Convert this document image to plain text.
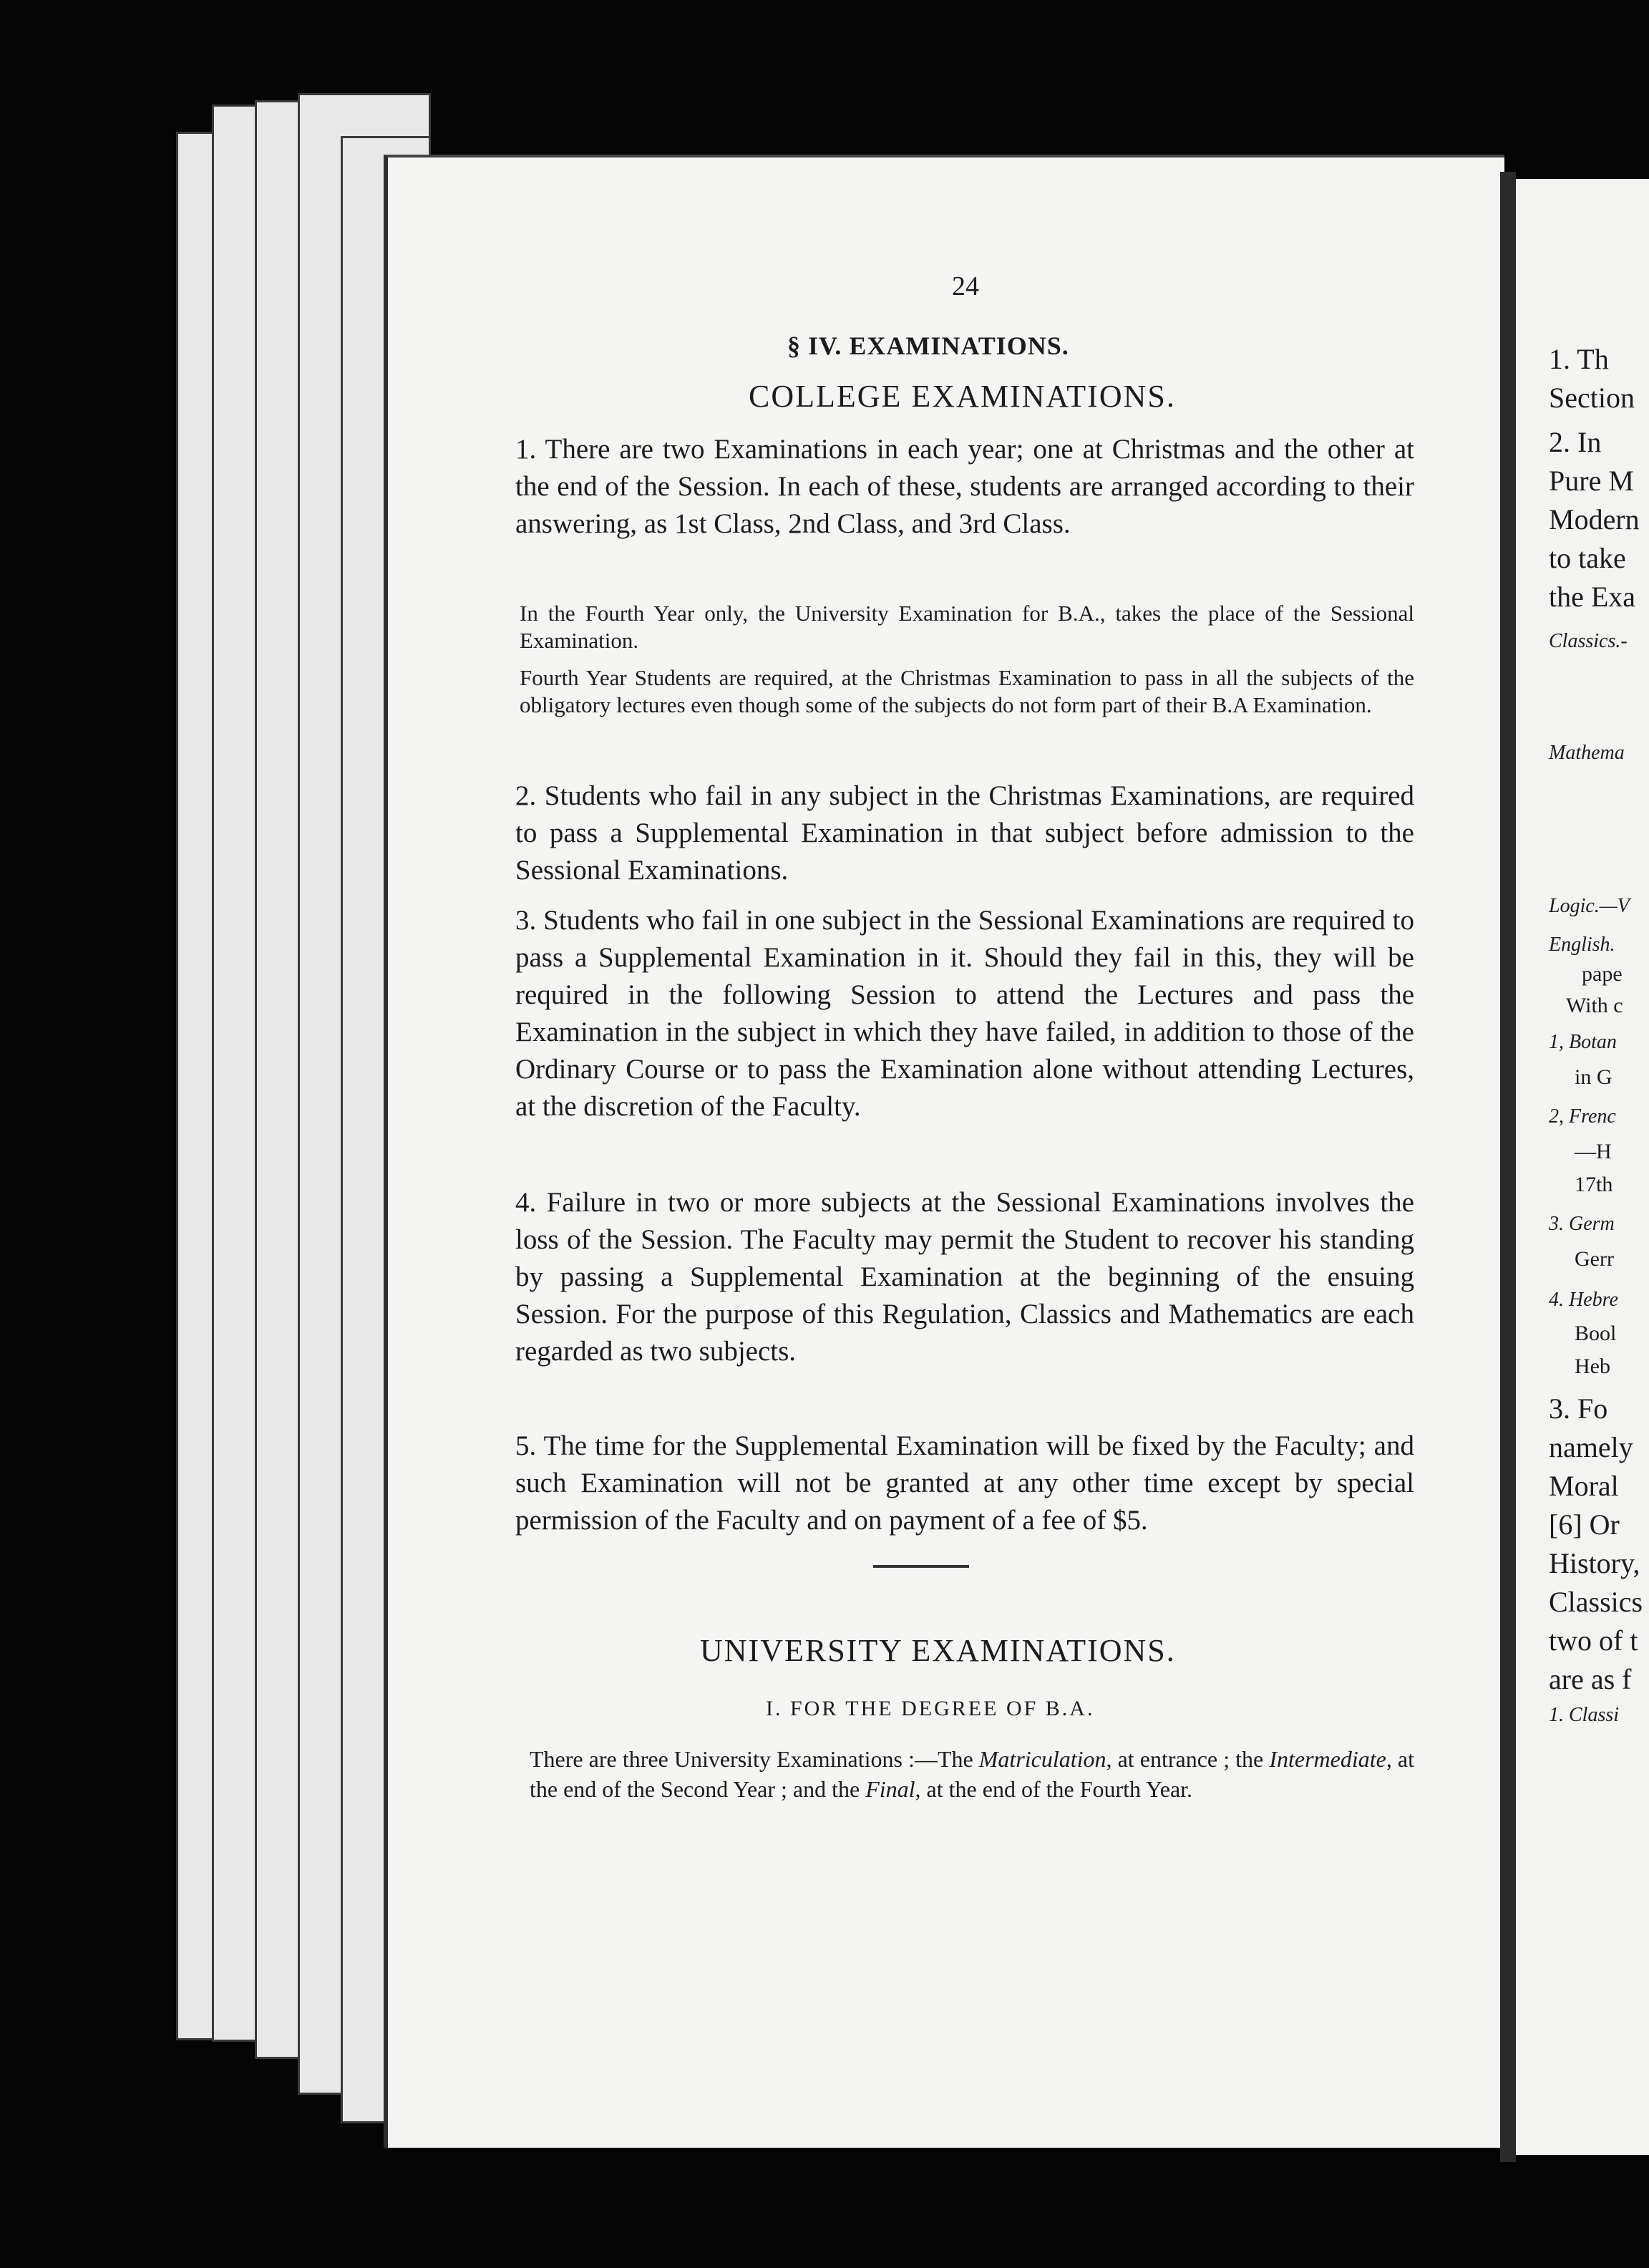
24
§ IV. EXAMINATIONS.
COLLEGE EXAMINATIONS.
1. There are two Examinations in each year; one at Christmas and the other at the end of the Session. In each of these, students are arranged according to their answering, as 1st Class, 2nd Class, and 3rd Class.
In the Fourth Year only, the University Examination for B.A., takes the place of the Sessional Examination.
Fourth Year Students are required, at the Christmas Examination to pass in all the subjects of the obligatory lectures even though some of the subjects do not form part of their B.A Examination.
2. Students who fail in any subject in the Christmas Examinations, are required to pass a Supplemental Examination in that subject before admission to the Sessional Examinations.
3. Students who fail in one subject in the Sessional Examinations are required to pass a Supplemental Examination in it. Should they fail in this, they will be required in the following Session to attend the Lectures and pass the Examination in the subject in which they have failed, in addition to those of the Ordinary Course or to pass the Examination alone without attending Lectures, at the discretion of the Faculty.
4. Failure in two or more subjects at the Sessional Examinations involves the loss of the Session. The Faculty may permit the Student to recover his standing by passing a Supplemental Examination at the beginning of the ensuing Session. For the purpose of this Regulation, Classics and Mathematics are each regarded as two subjects.
5. The time for the Supplemental Examination will be fixed by the Faculty; and such Examination will not be granted at any other time except by special permission of the Faculty and on payment of a fee of $5.
UNIVERSITY EXAMINATIONS.
I. FOR THE DEGREE OF B.A.
There are three University Examinations :—The Matriculation, at entrance ; the Intermediate, at the end of the Second Year ; and the Final, at the end of the Fourth Year.
1. Th
Section
2. In
Pure M
Modern
to take
the Exa
Classics.-
Mathema
Logic.—V
English.
pape
With c
1, Botan
in G
2, Frenc
—H
17th
3. Germ
Gerr
4. Hebre
Bool
Heb
3. Fo
namely
Moral
[6] Or
History,
Classics
two of t
are as f
1. Classi
